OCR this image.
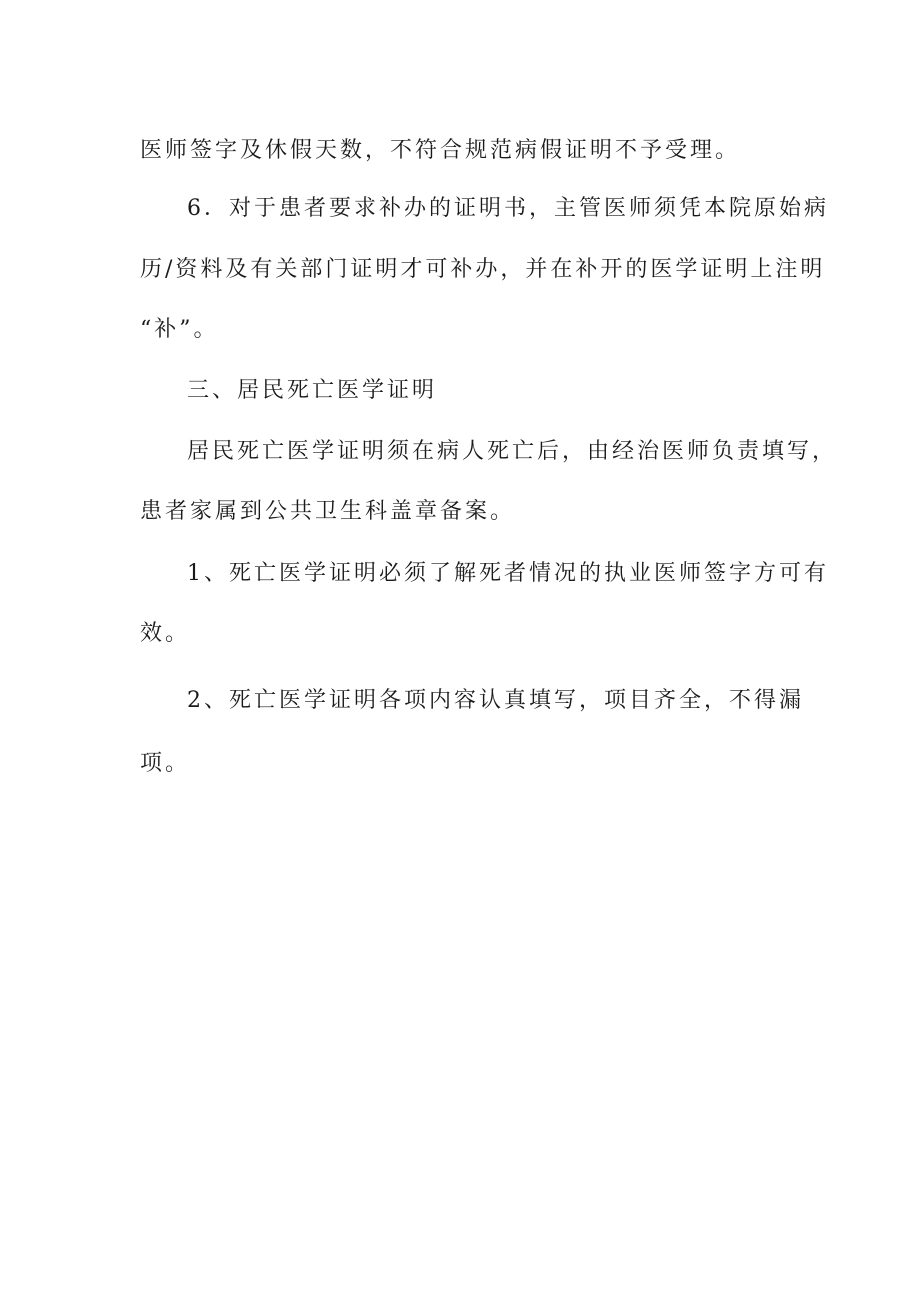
医师签字及休假天数，不符合规范病假证明不予受理。
6．对于患者要求补办的证明书，主管医师须凭本院原始病
历/资料及有关部门证明才可补办，并在补开的医学证明上注明
“补”。
三、居民死亡医学证明
居民死亡医学证明须在病人死亡后，由经治医师负责填写，
患者家属到公共卫生科盖章备案。
1、死亡医学证明必须了解死者情况的执业医师签字方可有
效。
2、死亡医学证明各项内容认真填写，项目齐全，不得漏
项。
